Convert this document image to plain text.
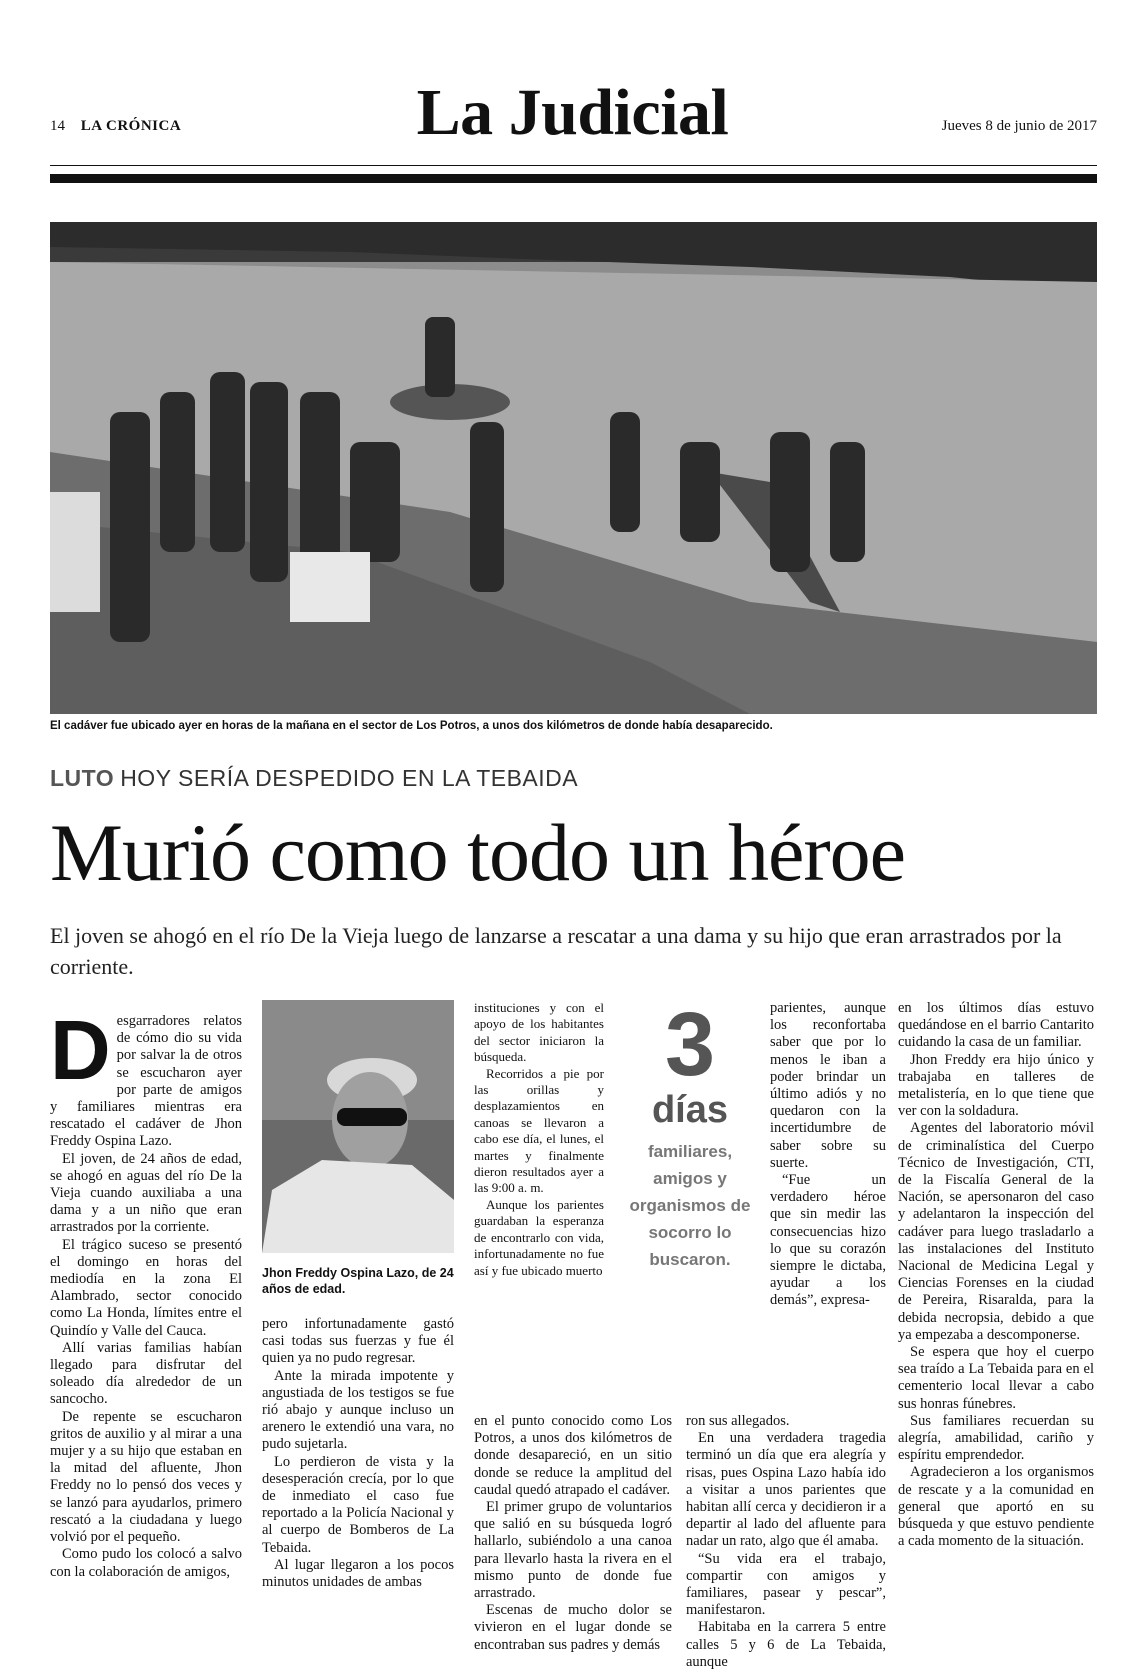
14 LA CRÓNICA	La Judicial	Jueves 8 de junio de 2017
El cadáver fue ubicado ayer en horas de la mañana en el sector de Los Potros, a unos dos kilómetros de donde había desaparecido.
LUTO HOY SERÍA DESPEDIDO EN LA TEBAIDA
Murió como todo un héroe
El joven se ahogó en el río De la Vieja luego de lanzarse a rescatar a una dama y su hijo que eran arrastrados por la corriente.
D esgarradores relatos de cómo dio su vida por salvar la de otros se escucharon ayer por parte de amigos y familiares mientras era rescatado el cadáver de Jhon Freddy Ospina Lazo.

El joven, de 24 años de edad, se ahogó en aguas del río De la Vieja cuando auxiliaba a una dama y a un niño que eran arrastrados por la corriente.

El trágico suceso se presentó el domingo en horas del mediodía en la zona El Alambrado, sector conocido como La Honda, límites entre el Quindío y Valle del Cauca.

Allí varias familias habían llegado para disfrutar del soleado día alrededor de un sancocho.

De repente se escucharon gritos de auxilio y al mirar a una mujer y a su hijo que estaban en la mitad del afluente, Jhon Freddy no lo pensó dos veces y se lanzó para ayudarlos, primero rescató a la ciudadana y luego volvió por el pequeño.

Como pudo los colocó a salvo con la colaboración de amigos,

Jhon Freddy Ospina Lazo, de 24 años de edad.

pero infortunadamente gastó casi todas sus fuerzas y fue él quien ya no pudo regresar.

Ante la mirada impotente y angustiada de los testigos se fue rió abajo y aunque incluso un arenero le extendió una vara, no pudo sujetarla.

Lo perdieron de vista y la desesperación crecía, por lo que de inmediato el caso fue reportado a la Policía Nacional y al cuerpo de Bomberos de La Tebaida.

Al lugar llegaron a los pocos minutos unidades de ambas

instituciones y con el apoyo de los habitantes del sector iniciaron la búsqueda.

Recorridos a pie por las orillas y desplazamientos en canoas se llevaron a cabo ese día, el lunes, el martes y finalmente dieron resultados ayer a las 9:00 a. m.

Aunque los parientes guardaban la esperanza de encontrarlo con vida, infortunadamente no fue así y fue ubicado muerto

3
días
familiares, amigos y organismos de socorro lo buscaron.

en el punto conocido como Los Potros, a unos dos kilómetros de donde desapareció, en un sitio donde se reduce la amplitud del caudal quedó atrapado el cadáver.

El primer grupo de voluntarios que salió en su búsqueda logró hallarlo, subiéndolo a una canoa para llevarlo hasta la rivera en el mismo punto de donde fue arrastrado.

Escenas de mucho dolor se vivieron en el lugar donde se encontraban sus padres y demás

parientes, aunque los reconfortaba saber que por lo menos le iban a poder brindar un último adiós y no quedaron con la incertidumbre de saber sobre su suerte.

“Fue un verdadero héroe que sin medir las consecuencias hizo lo que su corazón siempre le dictaba, ayudar a los demás”, expresa-

ron sus allegados.

En una verdadera tragedia terminó un día que era alegría y risas, pues Ospina Lazo había ido a visitar a unos parientes que habitan allí cerca y decidieron ir a departir al lado del afluente para nadar un rato, algo que él amaba.

“Su vida era el trabajo, compartir con amigos y familiares, pasear y pescar”, manifestaron.

Habitaba en la carrera 5 entre calles 5 y 6 de La Tebaida, aunque

en los últimos días estuvo quedándose en el barrio Cantarito cuidando la casa de un familiar.

Jhon Freddy era hijo único y trabajaba en talleres de metalistería, en lo que tiene que ver con la soldadura.

Agentes del laboratorio móvil de criminalística del Cuerpo Técnico de Investigación, CTI, de la Fiscalía General de la Nación, se apersonaron del caso y adelantaron la inspección del cadáver para luego trasladarlo a las instalaciones del Instituto Nacional de Medicina Legal y Ciencias Forenses en la ciudad de Pereira, Risaralda, para la debida necropsia, debido a que ya empezaba a descomponerse.

Se espera que hoy el cuerpo sea traído a La Tebaida para en el cementerio local llevar a cabo sus honras fúnebres.

Sus familiares recuerdan su alegría, amabilidad, cariño y espíritu emprendedor.

Agradecieron a los organismos de rescate y a la comunidad en general que aportó en su búsqueda y que estuvo pendiente a cada momento de la situación.
